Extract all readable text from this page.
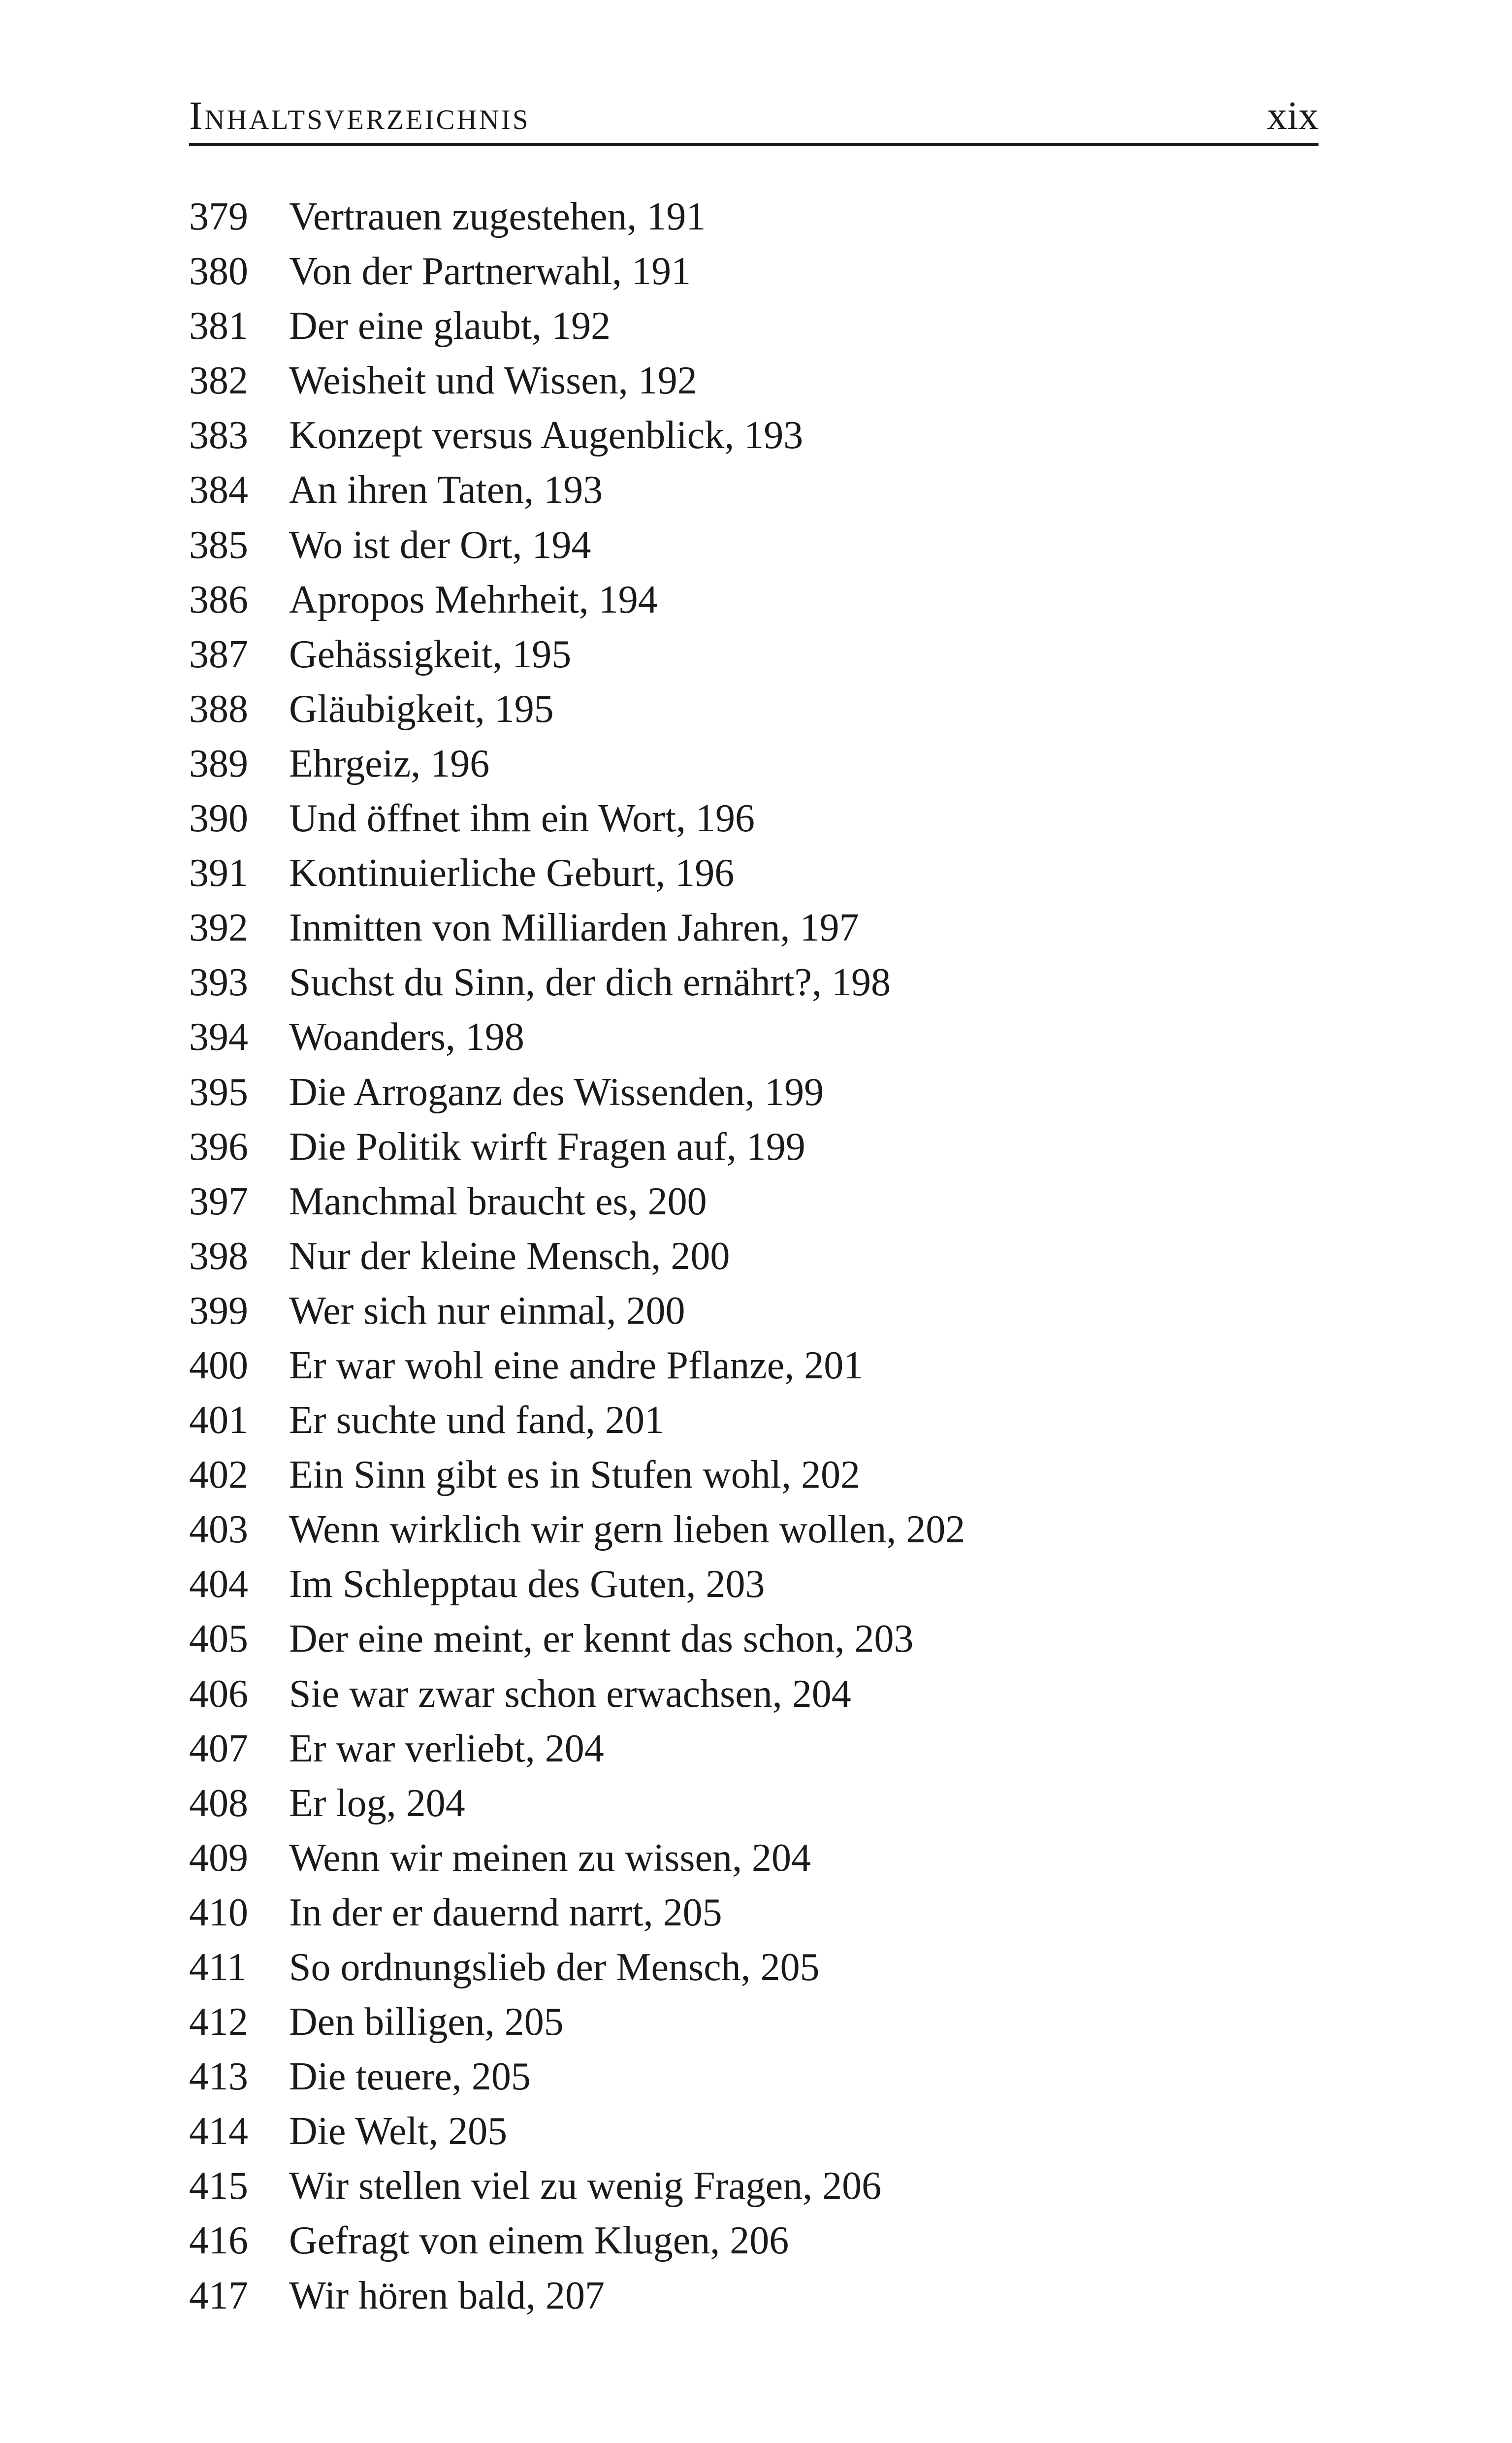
Inhaltsverzeichnis	xix
379 Vertrauen zugestehen, 191
380 Von der Partnerwahl, 191
381 Der eine glaubt, 192
382 Weisheit und Wissen, 192
383 Konzept versus Augenblick, 193
384 An ihren Taten, 193
385 Wo ist der Ort, 194
386 Apropos Mehrheit, 194
387 Gehässigkeit, 195
388 Gläubigkeit, 195
389 Ehrgeiz, 196
390 Und öffnet ihm ein Wort, 196
391 Kontinuierliche Geburt, 196
392 Inmitten von Milliarden Jahren, 197
393 Suchst du Sinn, der dich ernährt?, 198
394 Woanders, 198
395 Die Arroganz des Wissenden, 199
396 Die Politik wirft Fragen auf, 199
397 Manchmal braucht es, 200
398 Nur der kleine Mensch, 200
399 Wer sich nur einmal, 200
400 Er war wohl eine andre Pflanze, 201
401 Er suchte und fand, 201
402 Ein Sinn gibt es in Stufen wohl, 202
403 Wenn wirklich wir gern lieben wollen, 202
404 Im Schlepptau des Guten, 203
405 Der eine meint, er kennt das schon, 203
406 Sie war zwar schon erwachsen, 204
407 Er war verliebt, 204
408 Er log, 204
409 Wenn wir meinen zu wissen, 204
410 In der er dauernd narrt, 205
411 So ordnungslieb der Mensch, 205
412 Den billigen, 205
413 Die teuere, 205
414 Die Welt, 205
415 Wir stellen viel zu wenig Fragen, 206
416 Gefragt von einem Klugen, 206
417 Wir hören bald, 207
